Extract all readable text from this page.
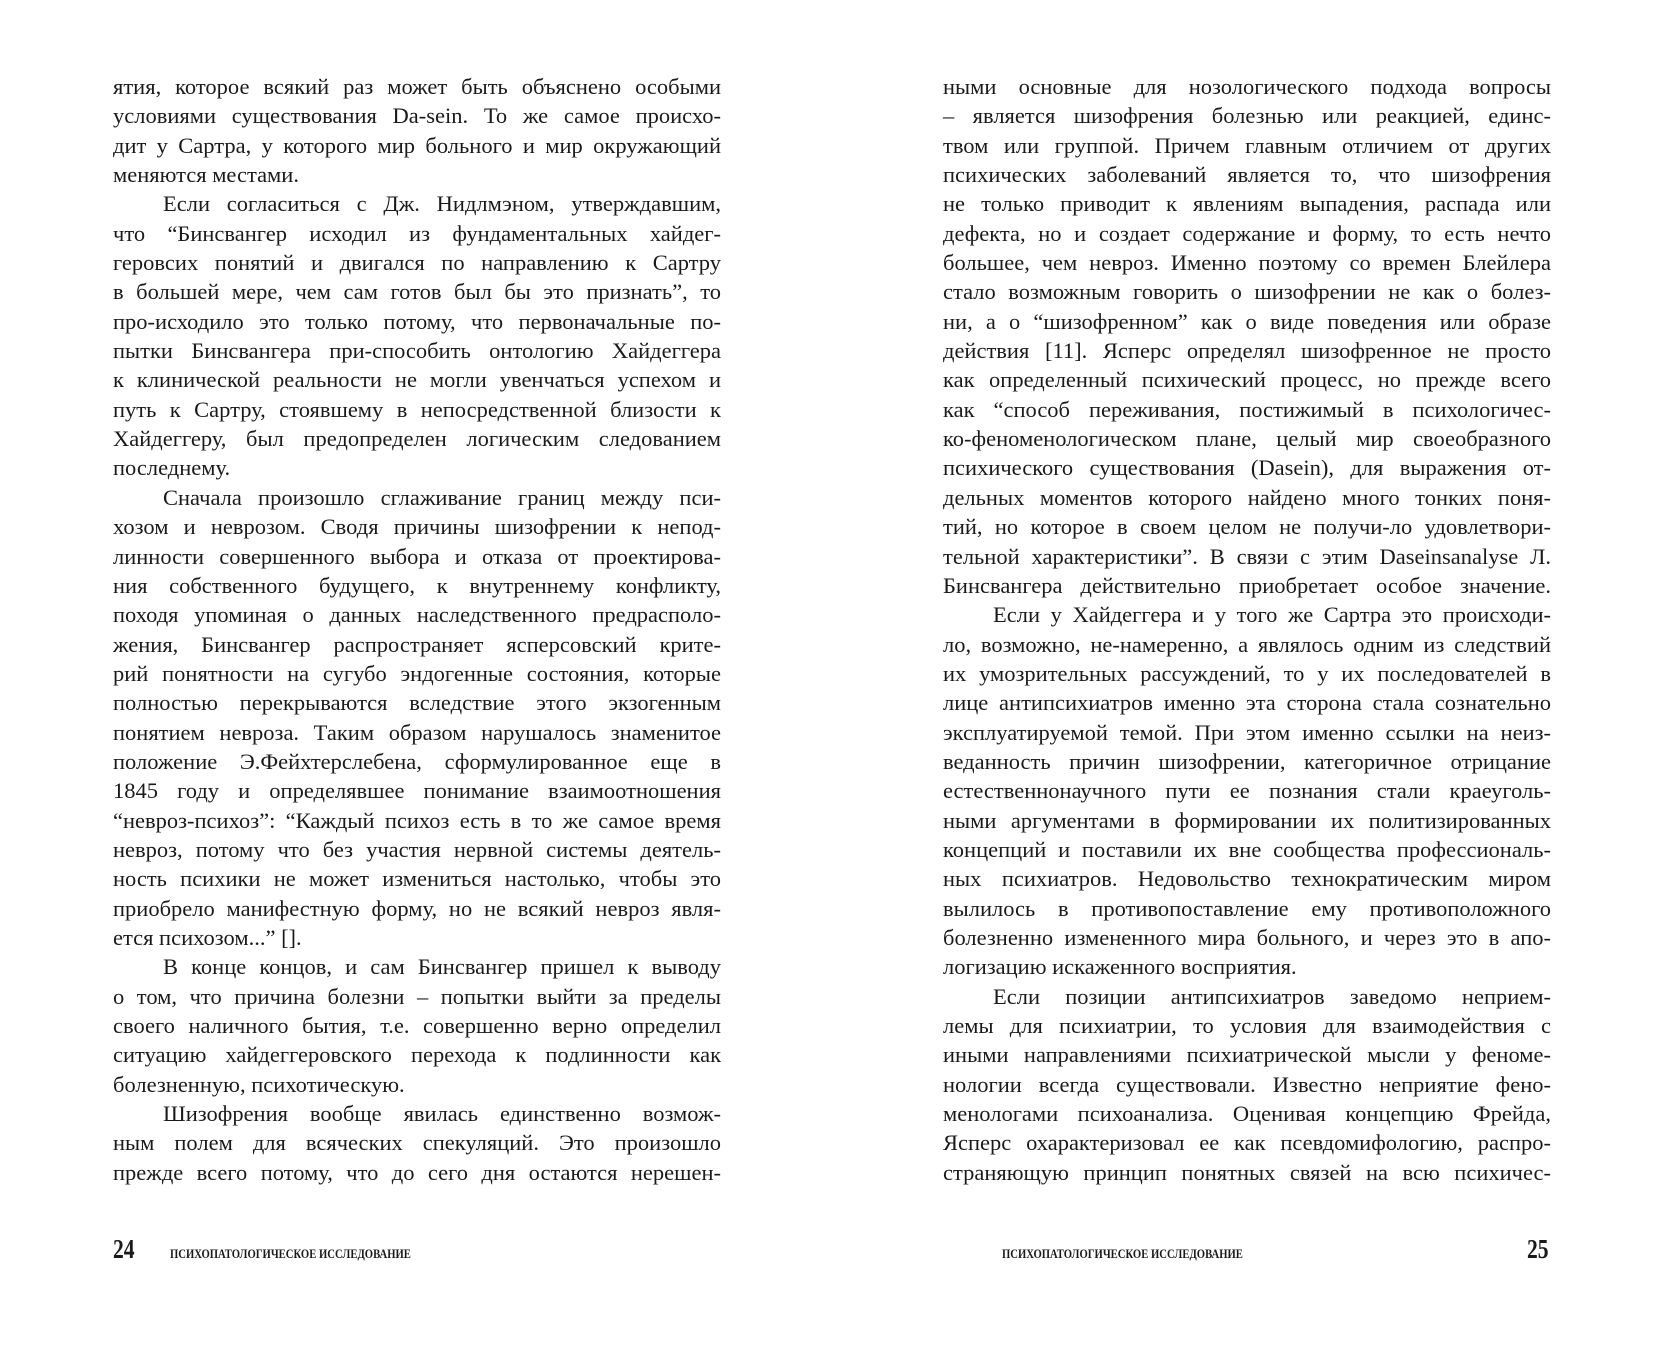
ятия, которое всякий раз может быть объяснено особыми
условиями существования Da-sein. То же самое происхо-
дит у Сартра, у которого мир больного и мир окружающий
меняются местами.
Если согласиться с Дж. Нидлмэном, утверждавшим,
что “Бинсвангер исходил из фундаментальных хайдег-
геровсих понятий и двигался по направлению к Сартру
в большей мере, чем сам готов был бы это признать”, то
про-исходило это только потому, что первоначальные по-
пытки Бинсвангера при-способить онтологию Хайдеггера
к клинической реальности не могли увенчаться успехом и
путь к Сартру, стоявшему в непосредственной близости к
Хайдеггеру, был предопределен логическим следованием
последнему.
Сначала произошло сглаживание границ между пси-
хозом и неврозом. Сводя причины шизофрении к непод-
линности совершенного выбора и отказа от проектирова-
ния собственного будущего, к внутреннему конфликту,
походя упоминая о данных наследственного предрасполо-
жения, Бинсвангер распространяет ясперсовский крите-
рий понятности на сугубо эндогенные состояния, которые
полностью перекрываются вследствие этого экзогенным
понятием невроза. Таким образом нарушалось знаменитое
положение Э.Фейхтерслебена, сформулированное еще в
1845 году и определявшее понимание взаимоотношения
“невроз-психоз”: “Каждый психоз есть в то же самое время
невроз, потому что без участия нервной системы деятель-
ность психики не может измениться настолько, чтобы это
приобрело манифестную форму, но не всякий невроз явля-
ется психозом...” [].
В конце концов, и сам Бинсвангер пришел к выводу
о том, что причина болезни – попытки выйти за пределы
своего наличного бытия, т.е. совершенно верно определил
ситуацию хайдеггеровского перехода к подлинности как
болезненную, психотическую.
Шизофрения вообще явилась единственно возмож-
ным полем для всяческих спекуляций. Это произошло
прежде всего потому, что до сего дня остаются нерешен-
ными основные для нозологического подхода вопросы
– является шизофрения болезнью или реакцией, единс-
твом или группой. Причем главным отличием от других
психических заболеваний является то, что шизофрения
не только приводит к явлениям выпадения, распада или
дефекта, но и создает содержание и форму, то есть нечто
большее, чем невроз. Именно поэтому со времен Блейлера
стало возможным говорить о шизофрении не как о болез-
ни, а о “шизофренном” как о виде поведения или образе
действия [11]. Ясперс определял шизофренное не просто
как определенный психический процесс, но прежде всего
как “способ переживания, постижимый в психологичес-
ко-феноменологическом плане, целый мир своеобразного
психического существования (Dasein), для выражения от-
дельных моментов которого найдено много тонких поня-
тий, но которое в своем целом не получи-ло удовлетвори-
тельной характеристики”. В связи с этим Daseinsanalyse Л.
Бинсвангера действительно приобретает особое значение.
Если у Хайдеггера и у того же Сартра это происходи-
ло, возможно, не-намеренно, а являлось одним из следствий
их умозрительных рассуждений, то у их последователей в
лице антипсихиатров именно эта сторона стала сознательно
эксплуатируемой темой. При этом именно ссылки на неиз-
веданность причин шизофрении, категоричное отрицание
естественнонаучного пути ее познания стали краеуголь-
ными аргументами в формировании их политизированных
концепций и поставили их вне сообщества профессиональ-
ных психиатров. Недовольство технократическим миром
вылилось в противопоставление ему противоположного
болезненно измененного мира больного, и через это в апо-
логизацию искаженного восприятия.
Если позиции антипсихиатров заведомо неприем-
лемы для психиатрии, то условия для взаимодействия с
иными направлениями психиатрической мысли у феноме-
нологии всегда существовали. Известно неприятие фено-
менологами психоанализа. Оценивая концепцию Фрейда,
Ясперс охарактеризовал ее как псевдомифологию, распро-
страняющую принцип понятных связей на всю психичес-
24	ПСИХОПАТОЛОГИЧЕСКОЕ ИССЛЕДОВАНИЕ	ПСИХОПАТОЛОГИЧЕСКОЕ ИССЛЕДОВАНИЕ	25
